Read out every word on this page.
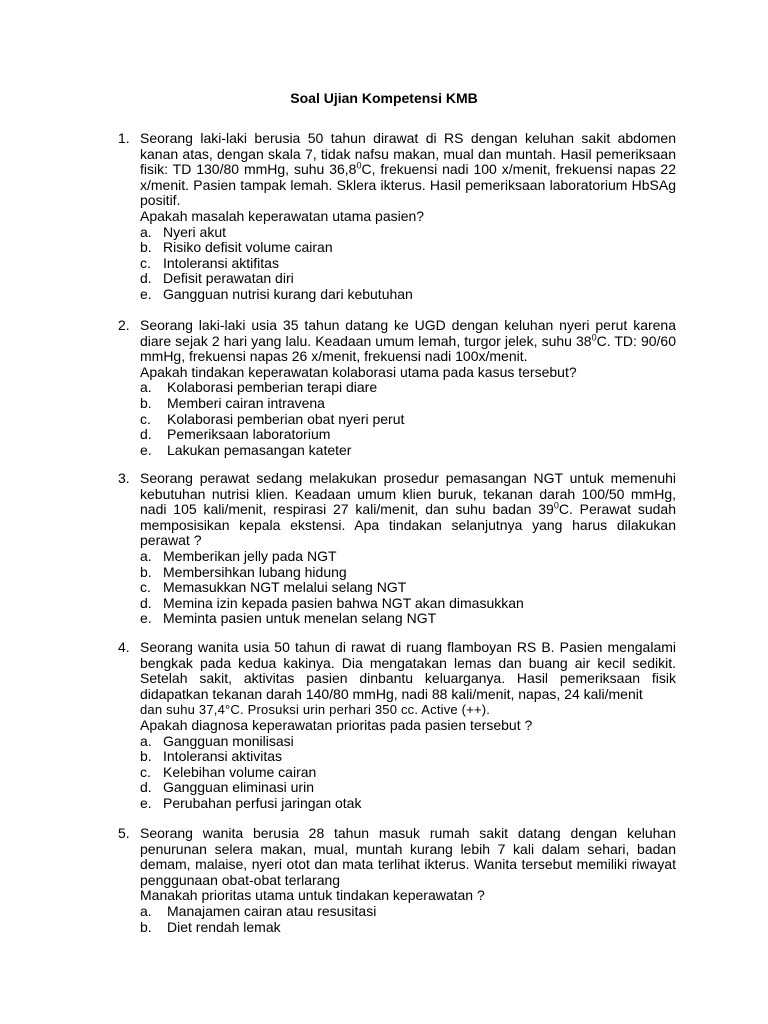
Soal Ujian Kompetensi KMB
1. Seorang laki-laki berusia 50 tahun dirawat di RS dengan keluhan sakit abdomen kanan atas, dengan skala 7, tidak nafsu makan, mual dan muntah. Hasil pemeriksaan fisik: TD 130/80 mmHg, suhu 36,8$^0$C, frekuensi nadi 100 x/menit, frekuensi napas 22 x/menit. Pasien tampak lemah. Sklera ikterus. Hasil pemeriksaan laboratorium HbSAg positif.
Apakah masalah keperawatan utama pasien?
a. Nyeri akut
b. Risiko defisit volume cairan
c. Intoleransi aktifitas
d. Defisit perawatan diri
e. Gangguan nutrisi kurang dari kebutuhan
2. Seorang laki-laki usia 35 tahun datang ke UGD dengan keluhan nyeri perut karena diare sejak 2 hari yang lalu. Keadaan umum lemah, turgor jelek, suhu $38^0C$. TD: 90/60 mmHg, frekuensi napas 26 x/menit, frekuensi nadi 100x/menit.
Apakah tindakan keperawatan kolaborasi utama pada kasus tersebut?
a.	Kolaborasi pemberian terapi diare
b.	Memberi cairan intravena
c.	Kolaborasi pemberian obat nyeri perut
d.	Pemeriksaan laboratorium
e.	Lakukan pemasangan kateter
3. Seorang perawat sedang melakukan prosedur pemasangan NGT untuk memenuhi kebutuhan nutrisi klien. Keadaan umum klien buruk, tekanan darah 100/50 mmHg, nadi 105 kali/menit, respirasi 27 kali/menit, dan suhu badan $39^0C$. Perawat sudah memposisikan kepala ekstensi. Apa tindakan selanjutnya yang harus dilakukan perawat ?
a. Memberikan jelly pada NGT
b. Membersihkan lubang hidung
c. Memasukkan NGT melalui selang NGT
d. Memina izin kepada pasien bahwa NGT akan dimasukkan
e. Meminta pasien untuk menelan selang NGT
4. Seorang wanita usia 50 tahun di rawat di ruang flamboyan RS B. Pasien mengalami bengkak pada kedua kakinya. Dia mengatakan lemas dan buang air kecil sedikit. Setelah sakit, aktivitas pasien dinbantu keluarganya. Hasil pemeriksaan fisik didapatkan tekanan darah 140/80 mmHg, nadi 88 kali/menit, napas, 24 kali/menit
dan suhu 37,4°C. Prosuksi urin perhari 350 cc. Active (++).
Apakah diagnosa keperawatan prioritas pada pasien tersebut ?
a. Gangguan monilisasi
b. Intoleransi aktivitas
c. Kelebihan volume cairan
d. Gangguan eliminasi urin
e. Perubahan perfusi jaringan otak
5. Seorang wanita berusia 28 tahun masuk rumah sakit datang dengan keluhan penurunan selera makan, mual, muntah kurang lebih 7 kali dalam sehari, badan demam, malaise, nyeri otot dan mata terlihat ikterus. Wanita tersebut memiliki riwayat penggunaan obat-obat terlarang
Manakah prioritas utama untuk tindakan keperawatan ?
a.	Manajamen cairan atau resusitasi
b.	Diet rendah lemak
